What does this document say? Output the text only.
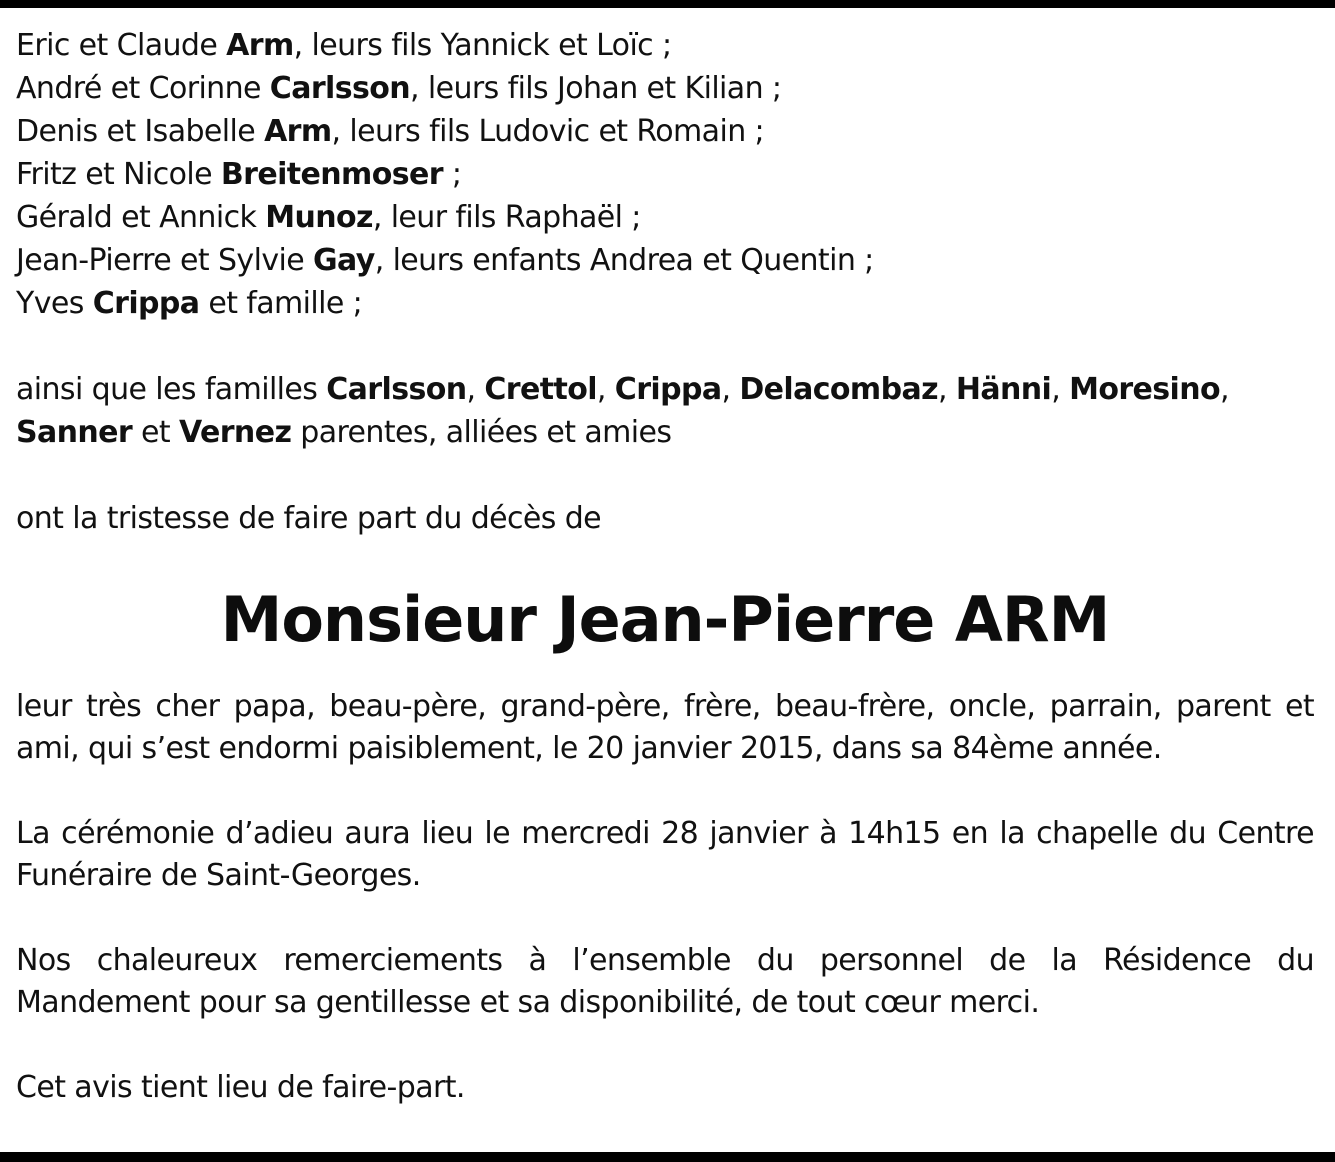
Eric et Claude Arm, leurs fils Yannick et Loïc ;
André et Corinne Carlsson, leurs fils Johan et Kilian ;
Denis et Isabelle Arm, leurs fils Ludovic et Romain ;
Fritz et Nicole Breitenmoser ;
Gérald et Annick Munoz, leur fils Raphaël ;
Jean-Pierre et Sylvie Gay, leurs enfants Andrea et Quentin ;
Yves Crippa et famille ;
ainsi que les familles Carlsson, Crettol, Crippa, Delacombaz, Hänni, Moresino,
Sanner et Vernez parentes, alliées et amies
ont la tristesse de faire part du décès de
Monsieur Jean-Pierre ARM
leur très cher papa, beau-père, grand-père, frère, beau-frère, oncle, parrain, parent et ami, qui s’est endormi paisiblement, le 20 janvier 2015, dans sa 84ème année.
La cérémonie d’adieu aura lieu le mercredi 28 janvier à 14h15 en la chapelle du Centre Funéraire de Saint-Georges.
Nos chaleureux remerciements à l’ensemble du personnel de la Résidence du Mandement pour sa gentillesse et sa disponibilité, de tout cœur merci.
Cet avis tient lieu de faire-part.
